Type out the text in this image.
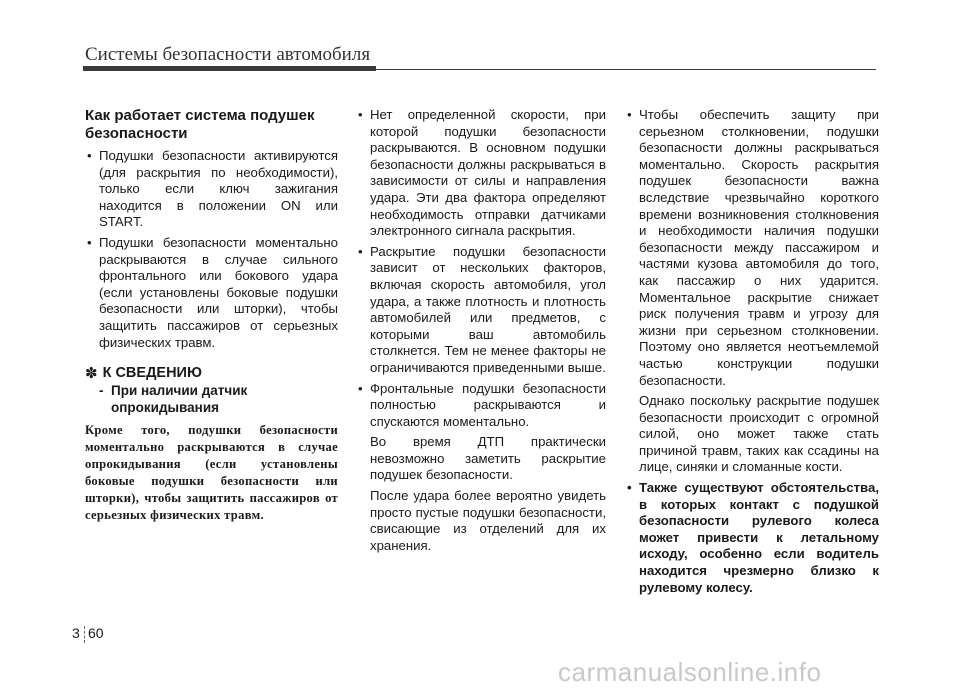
Системы безопасности автомобиля
Как работает система подушек безопасности
• Подушки безопасности активируются (для раскрытия по необходимости), только если ключ зажигания находится в положении ON или START.
• Подушки безопасности моментально раскрываются в случае сильного фронтального или бокового удара (если установлены боковые подушки безопасности или шторки), чтобы защитить пассажиров от серьезных физических травм.
✽ К СВЕДЕНИЮ
- При наличии датчик опрокидывания
Кроме того, подушки безопасности моментально раскрываются в случае опрокидывания (если установлены боковые подушки безопасности или шторки), чтобы защитить пассажиров от серьезных физических травм.
• Нет определенной скорости, при которой подушки безопасности раскрываются. В основном подушки безопасности должны раскрываться в зависимости от силы и направления удара. Эти два фактора определяют необходимость отправки датчиками электронного сигнала раскрытия.
• Раскрытие подушки безопасности зависит от нескольких факторов, включая скорость автомобиля, угол удара, а также плотность и плотность автомобилей или предметов, с которыми ваш автомобиль столкнется. Тем не менее факторы не ограничиваются приведенными выше.
• Фронтальные подушки безопасности полностью раскрываются и спускаются моментально.
Во время ДТП практически невозможно заметить раскрытие подушек безопасности.
После удара более вероятно увидеть просто пустые подушки безопасности, свисающие из отделений для их хранения.
• Чтобы обеспечить защиту при серьезном столкновении, подушки безопасности должны раскрываться моментально. Скорость раскрытия подушек безопасности важна вследствие чрезвычайно короткого времени возникновения столкновения и необходимости наличия подушки безопасности между пассажиром и частями кузова автомобиля до того, как пассажир о них ударится. Моментальное раскрытие снижает риск получения травм и угрозу для жизни при серьезном столкновении. Поэтому оно является неотъемлемой частью конструкции подушки безопасности.
Однако поскольку раскрытие подушек безопасности происходит с огромной силой, оно может также стать причиной травм, таких как ссадины на лице, синяки и сломанные кости.
• Также существуют обстоятельства, в которых контакт с подушкой безопасности рулевого колеса может привести к летальному исходу, особенно если водитель находится чрезмерно близко к рулевому колесу.
3 60
carmanualsonline.info
